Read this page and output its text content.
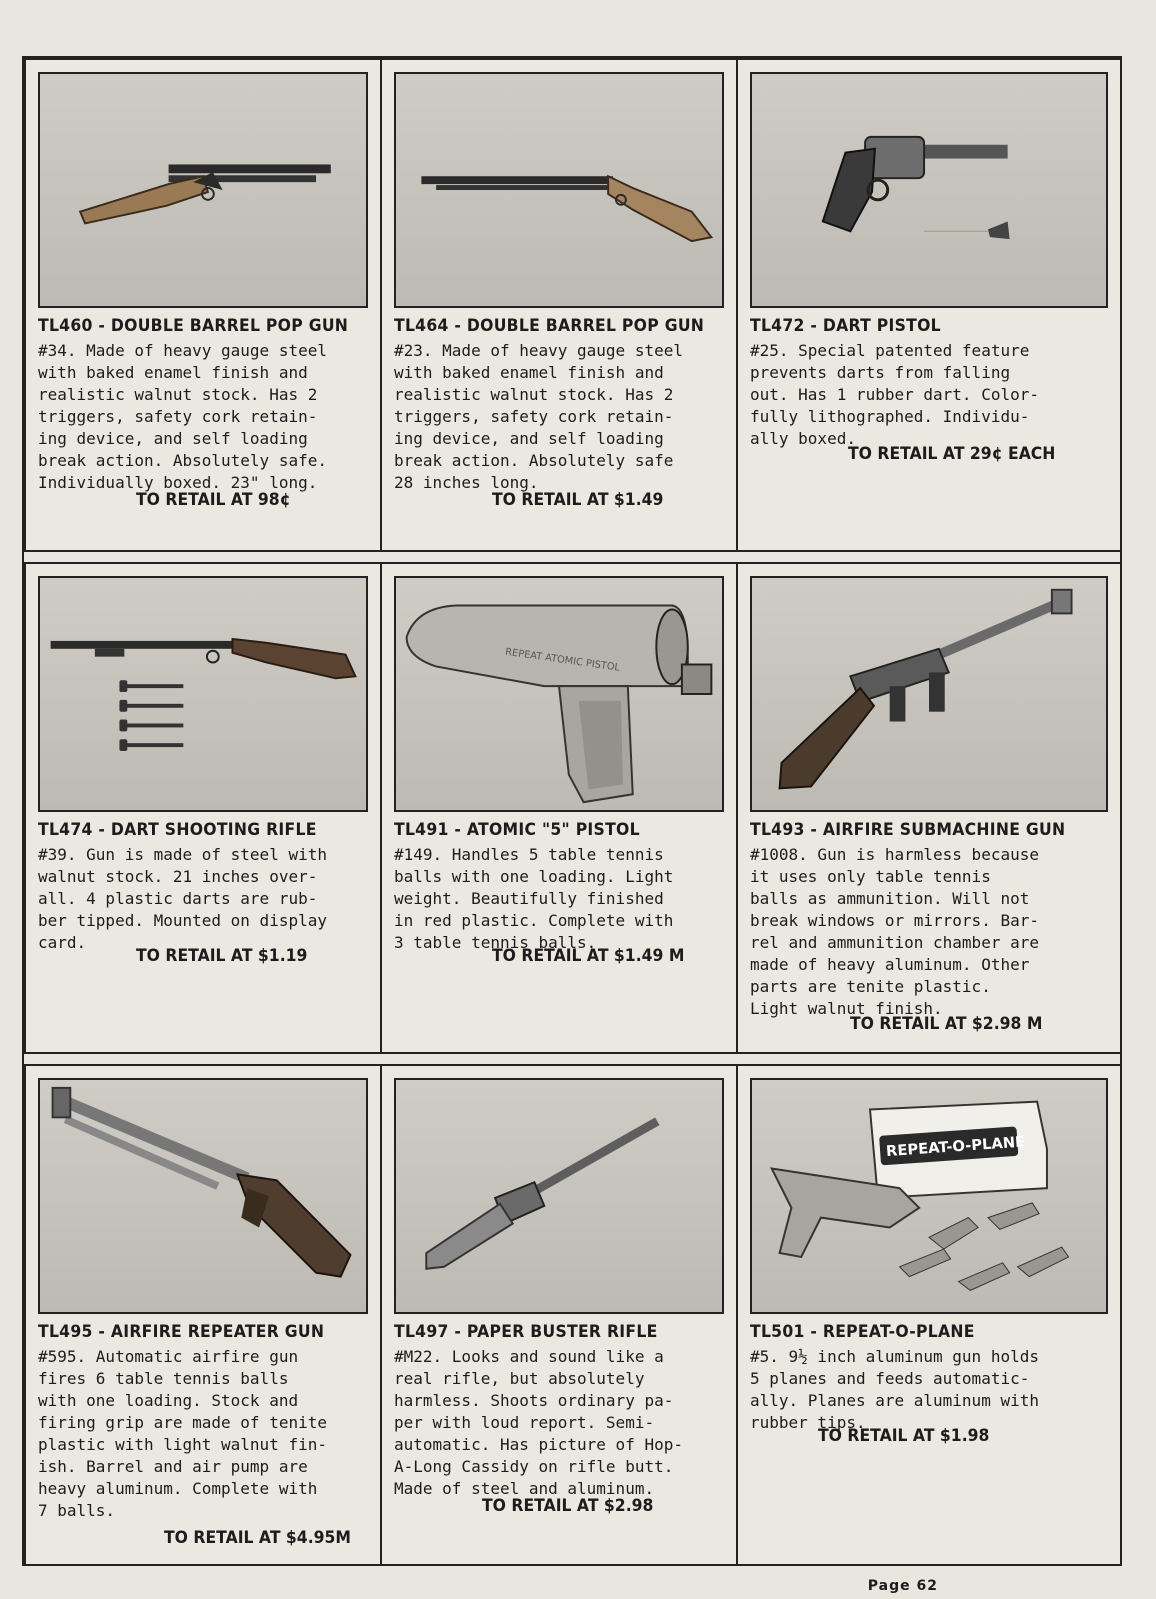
TL460 - DOUBLE BARREL POP GUN
#34. Made of heavy gauge steel
with baked enamel finish and
realistic walnut stock. Has 2
triggers, safety cork retain-
ing device, and self loading
break action. Absolutely safe.
Individually boxed. 23" long.
TO RETAIL AT 98¢
TL464 - DOUBLE BARREL POP GUN
#23. Made of heavy gauge steel
with baked enamel finish and
realistic walnut stock. Has 2
triggers, safety cork retain-
ing device, and self loading
break action. Absolutely safe
28 inches long.
TO RETAIL AT $1.49
TL472 - DART PISTOL
#25. Special patented feature
prevents darts from falling
out. Has 1 rubber dart. Color-
fully lithographed. Individu-
ally boxed.
TO RETAIL AT 29¢ EACH
TL474 - DART SHOOTING RIFLE
#39. Gun is made of steel with
walnut stock. 21 inches over-
all. 4 plastic darts are rub-
ber tipped. Mounted on display
card.
TO RETAIL AT $1.19
REPEAT ATOMIC PISTOL
TL491 - ATOMIC "5" PISTOL
#149. Handles 5 table tennis
balls with one loading. Light
weight. Beautifully finished
in red plastic. Complete with
3 table tennis balls.
TO RETAIL AT $1.49 M
TL493 - AIRFIRE SUBMACHINE GUN
#1008. Gun is harmless because
it uses only table tennis
balls as ammunition. Will not
break windows or mirrors. Bar-
rel and ammunition chamber are
made of heavy aluminum. Other
parts are tenite plastic.
Light walnut finish.
TO RETAIL AT $2.98 M
TL495 - AIRFIRE REPEATER GUN
#595. Automatic airfire gun
fires 6 table tennis balls
with one loading. Stock and
firing grip are made of tenite
plastic with light walnut fin-
ish. Barrel and air pump are
heavy aluminum. Complete with
7 balls.
TO RETAIL AT $4.95M
TL497 - PAPER BUSTER RIFLE
#M22. Looks and sound like a
real rifle, but absolutely
harmless. Shoots ordinary pa-
per with loud report. Semi-
automatic. Has picture of Hop-
A-Long Cassidy on rifle butt.
Made of steel and aluminum.
TO RETAIL AT $2.98
REPEAT-O-PLANE
TL501 - REPEAT-O-PLANE
#5. 9½ inch aluminum gun holds
5 planes and feeds automatic-
ally. Planes are aluminum with
rubber tips.
TO RETAIL AT $1.98
Page 62
